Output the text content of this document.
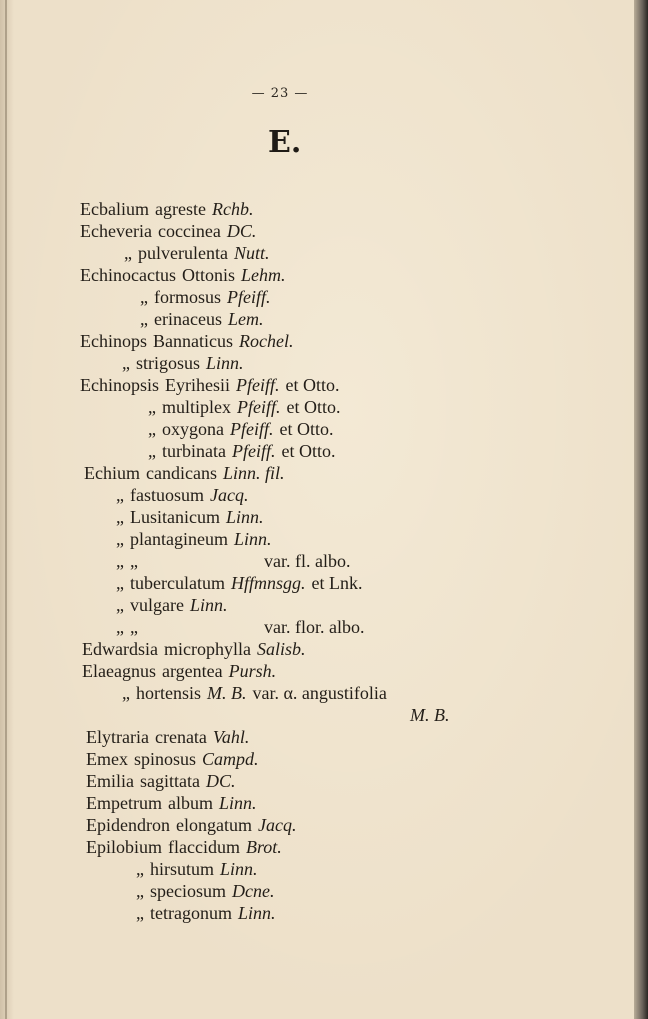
— 23 —
E.
Ecbalium agreste Rchb.
Echeveria coccinea DC.
„ pulverulenta Nutt.
Echinocactus Ottonis Lehm.
„ formosus Pfeiff.
„ erinaceus Lem.
Echinops Bannaticus Rochel.
„ strigosus Linn.
Echinopsis Eyrihesii Pfeiff. et Otto.
„ multiplex Pfeiff. et Otto.
„ oxygona Pfeiff. et Otto.
„ turbinata Pfeiff. et Otto.
Echium candicans Linn. fil.
„ fastuosum Jacq.
„ Lusitanicum Linn.
„ plantagineum Linn.
„ „	var. fl. albo.
„ tuberculatum Hffmnsgg. et Lnk.
„ vulgare Linn.
„ „	var. flor. albo.
Edwardsia microphylla Salisb.
Elaeagnus argentea Pursh.
„ hortensis M. B. var. α. angustifolia
M. B.
Elytraria crenata Vahl.
Emex spinosus Campd.
Emilia sagittata DC.
Empetrum album Linn.
Epidendron elongatum Jacq.
Epilobium flaccidum Brot.
„ hirsutum Linn.
„ speciosum Dcne.
„ tetragonum Linn.
